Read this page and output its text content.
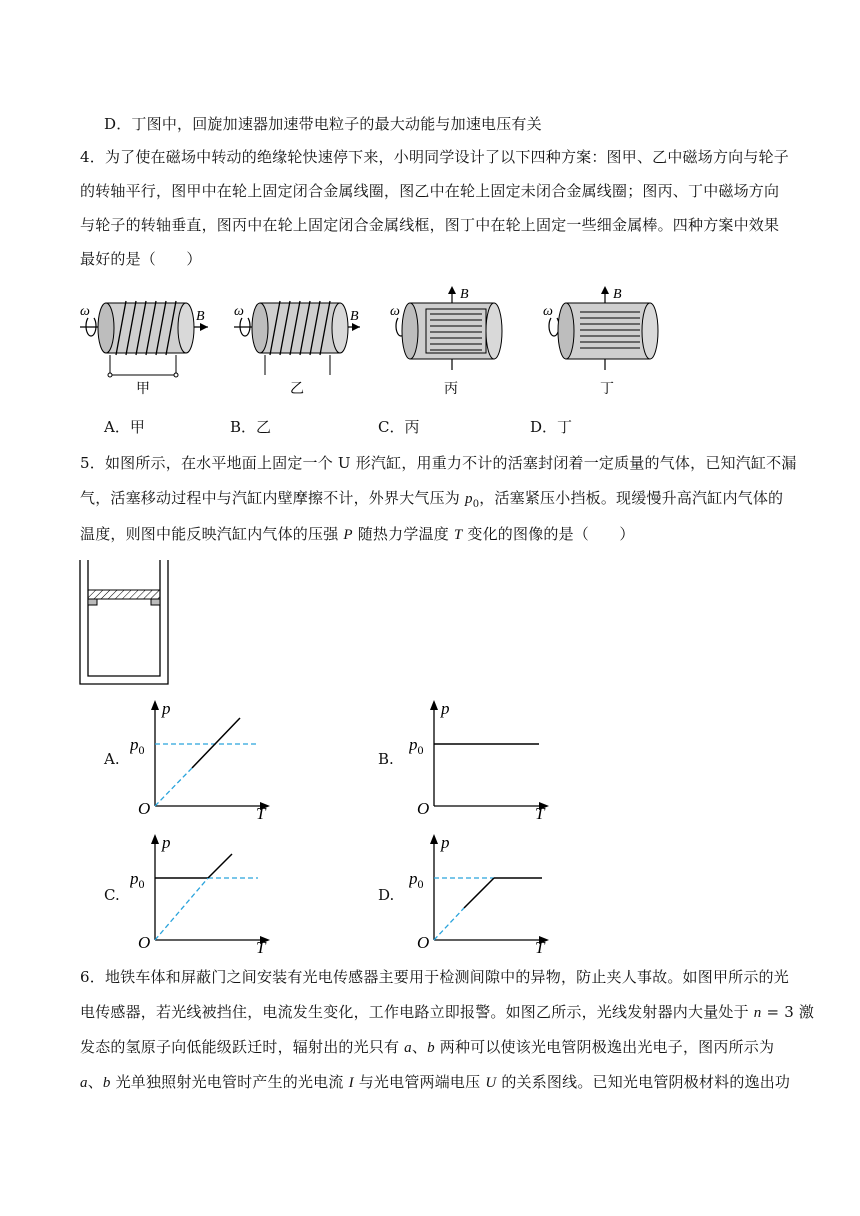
D．丁图中，回旋加速器加速带电粒子的最大动能与加速电压有关
4．为了使在磁场中转动的绝缘轮快速停下来，小明同学设计了以下四种方案：图甲、乙中磁场方向与轮子
的转轴平行，图甲中在轮上固定闭合金属线圈，图乙中在轮上固定未闭合金属线圈；图丙、丁中磁场方向
与轮子的转轴垂直，图丙中在轮上固定闭合金属线框，图丁中在轮上固定一些细金属棒。四种方案中效果
最好的是（　　）
ω	B
甲
ω	B
乙
B
ω
丙
B
ω
丁
A．甲	B．乙	C．丙	D．丁
5．如图所示，在水平地面上固定一个 U 形汽缸，用重力不计的活塞封闭着一定质量的气体，已知汽缸不漏
气，活塞移动过程中与汽缸内壁摩擦不计，外界大气压为 $p_0$，活塞紧压小挡板。现缓慢升高汽缸内气体的
温度，则图中能反映汽缸内气体的压强 P 随热力学温度 T 变化的图像的是（　　）
A.
p
$p_0$
O	T
B.
p
$p_0$
O	T
C.
p
$p_0$
O	T
D.
p
$p_0$
O	T
6．地铁车体和屏蔽门之间安装有光电传感器主要用于检测间隙中的异物，防止夹人事故。如图甲所示的光
电传感器，若光线被挡住，电流发生变化，工作电路立即报警。如图乙所示，光线发射器内大量处于 n = 3 激
发态的氢原子向低能级跃迁时，辐射出的光只有 a、b 两种可以使该光电管阴极逸出光电子，图丙所示为
a、b 光单独照射光电管时产生的光电流 I 与光电管两端电压 U 的关系图线。已知光电管阴极材料的逸出功
